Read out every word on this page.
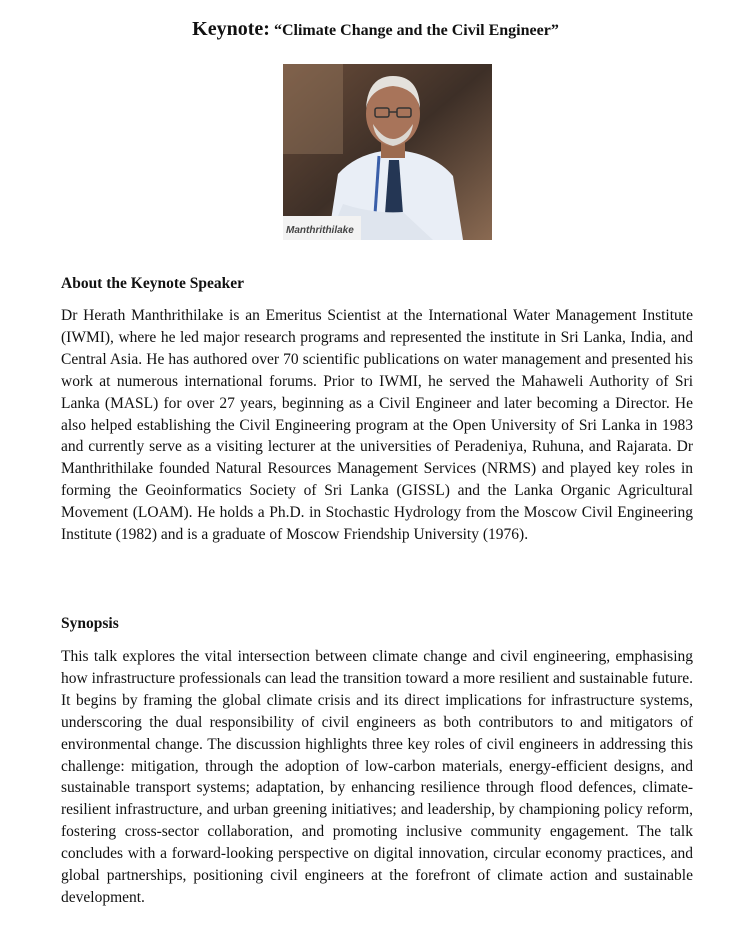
Keynote: “Climate Change and the Civil Engineer”
Manthrithilake
About the Keynote Speaker

Dr Herath Manthrithilake is an Emeritus Scientist at the International Water Management Institute (IWMI), where he led major research programs and represented the institute in Sri Lanka, India, and Central Asia. He has authored over 70 scientific publications on water management and presented his work at numerous international forums. Prior to IWMI, he served the Mahaweli Authority of Sri Lanka (MASL) for over 27 years, beginning as a Civil Engineer and later becoming a Director. He also helped establishing the Civil Engineering program at the Open University of Sri Lanka in 1983 and currently serve as a visiting lecturer at the universities of Peradeniya, Ruhuna, and Rajarata. Dr Manthrithilake founded Natural Resources Management Services (NRMS) and played key roles in forming the Geoinformatics Society of Sri Lanka (GISSL) and the Lanka Organic Agricultural Movement (LOAM). He holds a Ph.D. in Stochastic Hydrology from the Moscow Civil Engineering Institute (1982) and is a graduate of Moscow Friendship University (1976).

Synopsis

This talk explores the vital intersection between climate change and civil engineering, emphasising how infrastructure professionals can lead the transition toward a more resilient and sustainable future. It begins by framing the global climate crisis and its direct implications for infrastructure systems, underscoring the dual responsibility of civil engineers as both contributors to and mitigators of environmental change. The discussion highlights three key roles of civil engineers in addressing this challenge: mitigation, through the adoption of low-carbon materials, energy-efficient designs, and sustainable transport systems; adaptation, by enhancing resilience through flood defences, climate-resilient infrastructure, and urban greening initiatives; and leadership, by championing policy reform, fostering cross-sector collaboration, and promoting inclusive community engagement. The talk concludes with a forward-looking perspective on digital innovation, circular economy practices, and global partnerships, positioning civil engineers at the forefront of climate action and sustainable development.
